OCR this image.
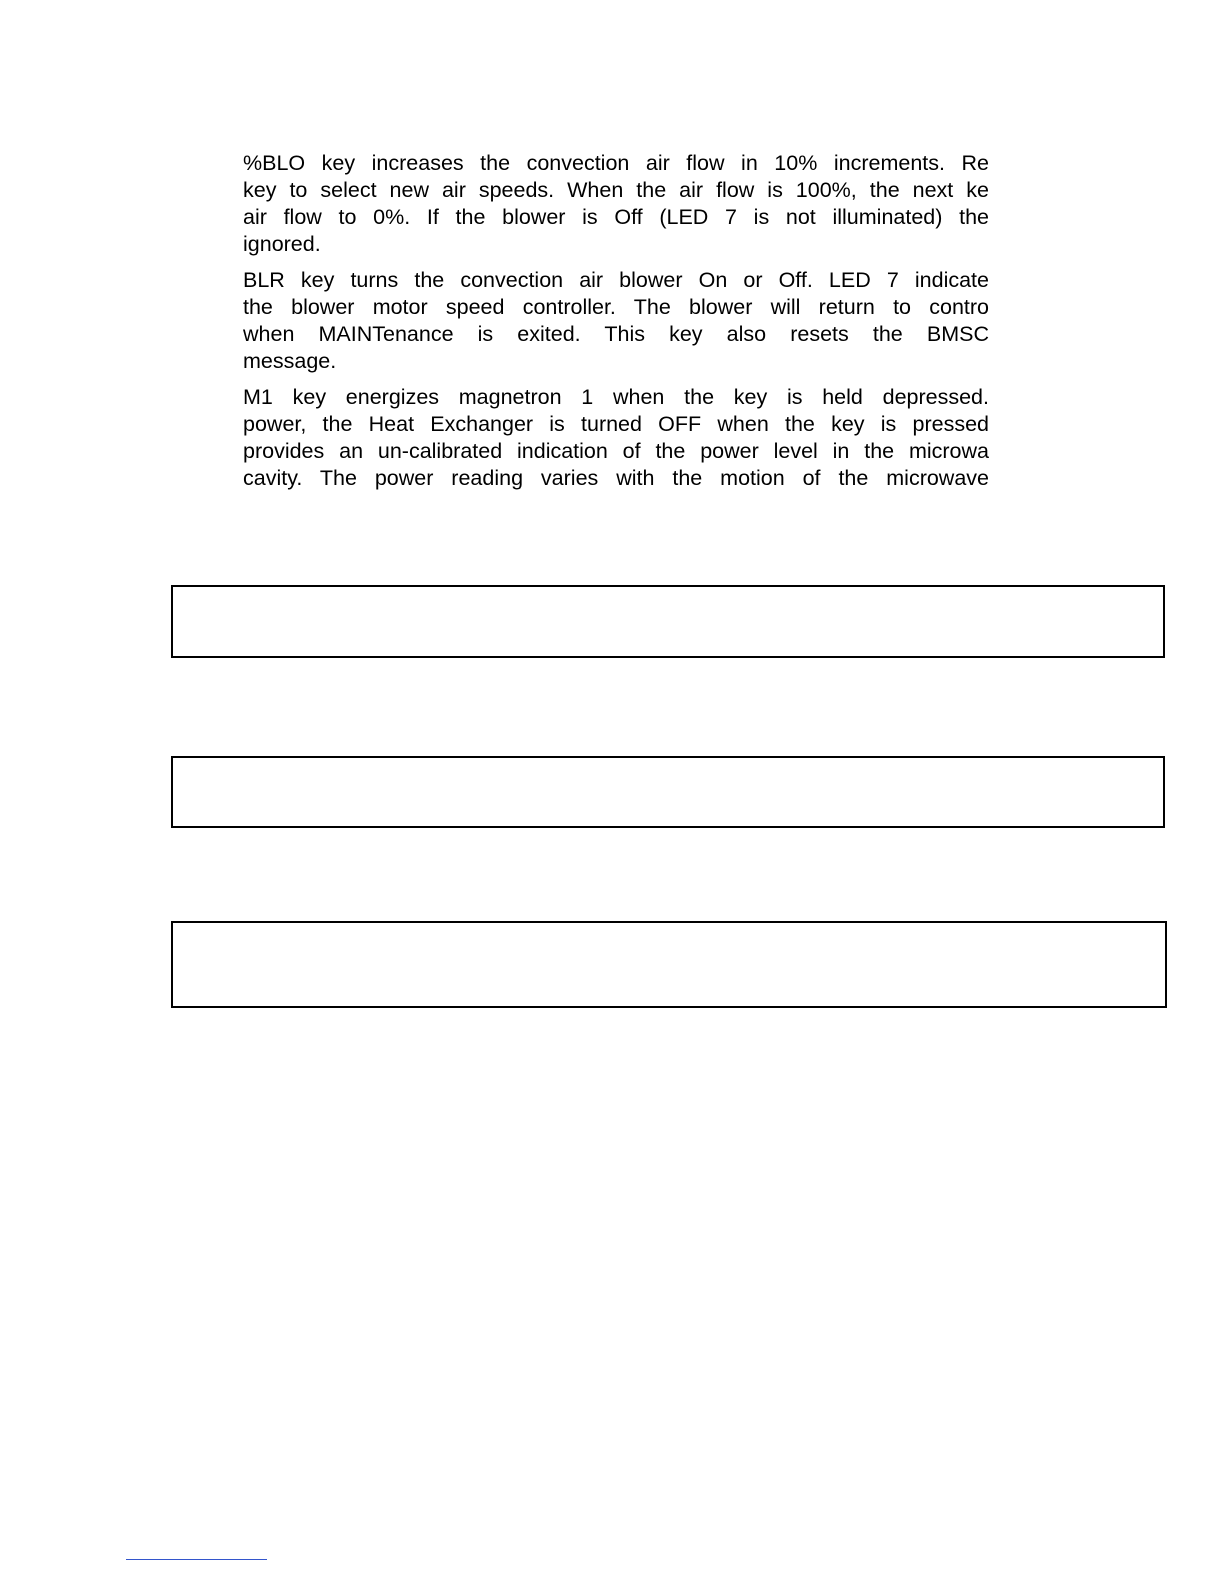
%BLO key increases the convection air flow in 10% increments. Re
key to select new air speeds. When the air flow is 100%, the next ke
air flow to 0%. If the blower is Off (LED 7 is not illuminated) the
ignored.

BLR key turns the convection air blower On or Off. LED 7 indicate
the blower motor speed controller. The blower will return to contro
when MAINTenance is exited. This key also resets the BMSC
message.

M1 key energizes magnetron 1 when the key is held depressed.
power, the Heat Exchanger is turned OFF when the key is pressed
provides an un-calibrated indication of the power level in the microwa
cavity. The power reading varies with the motion of the microwave
